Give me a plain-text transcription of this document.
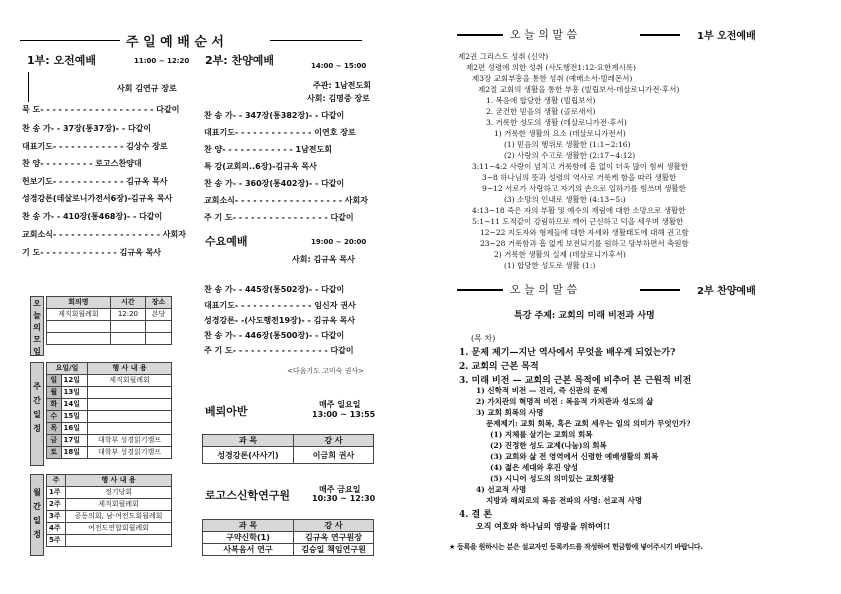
주 일 예 배 순 서
1부: 오전예배	11:00 ~ 12:20
사회 김연규 장로
묵 도- - - - - - - - - - - - - - - - - - - 다같이
찬 송 가- - 37장(통37장)- - 다같이
대표기도- - - - - - - - - - - - 김상수 장로
찬 양- - - - - - - - - 로고스찬양대
헌보기도- - - - - - - - - - - - 김규옥 목사
성경강론(데살로니가전서6장)-김규옥 목사
찬 송 가- - 410장(통468장)- - 다같이
교회소식- - - - - - - - - - - - - - - - - - 사회자
기 도- - - - - - - - - - - - - 김규옥 목사
오 늘 의 모 임
회의명	시간	장소
제직회월례회	12:20	본당

주 간 일 정
요일/일		행 사 내 용
일	12일	제직회월례회
월	13일	
화	14일	
수	15일	
목	16일	
금	17일	대학부 성경읽기캠프
토	18일	대학부 성경읽기캠프
월 간 일 정
주	행 사 내 용
1주	정기당회
2주	제직회월례회
3주	공동의회, 남·여전도회월례회
4주	여전도연합회월례회
5주	
2부: 찬양예배	14:00 ~ 15:00
주관: 1남전도회
사회: 김명중 장로
찬 송 가- - 347장(통382장)- - 다같이
대표기도- - - - - - - - - - - - - 이연호 장로
찬 양- - - - - - - - - - - - 1남전도회
특 강(교회의..6장)-김규옥 목사
찬 송 가- - 360장(통402장)- - 다같이
교회소식- - - - - - - - - - - - - - - - - - 사회자
주 기 도- - - - - - - - - - - - - - - - 다같이
수요예배	19:00 ~ 20:00
사회: 김규옥 목사
찬 송 가- - 445장(통502장)- - 다같이
대표기도- - - - - - - - - - - - - 임신자 권사
성경강론- -(사도행전19장)- - 김규옥 목사
찬 송 가- - 446장(통500장)- - 다같이
주 기 도- - - - - - - - - - - - - - - - 다같이
<다음기도 고미숙 권사>
베뢰아반
매주 일요일
13:00 ~ 13:55
과 목	강 사
성경강론(사사기)	이금희 권사
로고스신학연구원	매주 금요일
10:30 ~ 12:30
과 목	강 사
구약신학(1)	김규옥 연구원장
사복음서 연구	김승일 책임연구원
오 늘 의 말 씀	1부 오전예배
제2권 그리스도 성취 (신약)
제2편 성령에 의한 성취 (사도행전1:12-요한계시록)
제3장 교회부흥을 통한 성취 (예배소서-빌레몬서)
제2절 교회의 생활을 통한 부흥 (빌립보서-데살로니가전·후서)
1. 복음에 합당한 생활 (빌립보서)
2. 굳건한 믿음의 생활 (골로새서)
3. 거룩한 성도의 생활 (데살로니가전·후서)
1) 거룩한 생활의 요소 (데살로니가전서)
(1) 믿음의 행위로 생활한 (1:1~2:16)
(2) 사랑의 수고로 생활한 (2:17~4:12)
3:11~4:2 사랑이 넘치고 거룩함에 흠 없이 더욱 많이 힘써 생활한
3~8 하나님의 뜻과 성령의 역사로 거룩케 함을 따라 생활한
9~12 서로가 사랑하고 자기의 손으로 일하기를 힘쓰며 생활한
(3) 소망의 인내로 생활한 (4:13~5:)
4:13~18 죽은 자의 부활 및 예수의 재림에 대한 소망으로 생활한
5:1~11 도적같이 강림하므로 깨어 근신하고 덕을 세우며 생활한
12~22 지도자와 형제들에 대한 자세와 생활태도에 대해 권고함
23~28 거룩함과 흠 없게 보전되기를 원하고 당부하면서 축원함
2) 거룩한 생활의 실제 (데살로니가후서)
(1) 합당한 성도로 생활 (1:)
오 늘 의 말 씀	2부 찬양예배
특강 주제: 교회의 미래 비전과 사명
(목 차)
1. 문제 제기—지난 역사에서 무엇을 배우게 되었는가?
2. 교회의 근본 목적
3. 미래 비전 — 교회의 근본 목적에 비추어 본 근원적 비전
1) 신학적 비전 — 진리, 즉 신관의 문제
2) 가치관의 혁명적 비전 : 복음적 가치관과 성도의 삶
3) 교회 회복의 사명
문제제기: 교회 회복, 혹은 교회 세우는 일의 의미가 무엇인가?
(1) 지체를 살기는 교회의 회복
(2) 진정한 성도 교제(나눔)의 회복
(3) 교회와 삶 전 영역에서 신령한 예배생활의 회복
(4) 젊은 세대와 후진 양성
(5) 시니어 성도의 의미있는 교회생활
4) 선교적 사명
지방과 해외로의 복음 전파의 사명: 선교적 사명
4. 결 론
오직 여호와 하나님의 영광을 위하여!!
★ 등록을 원하시는 분은 설교자인 등록카드를 작성하여 헌금함에 넣어주시기 바랍니다.
